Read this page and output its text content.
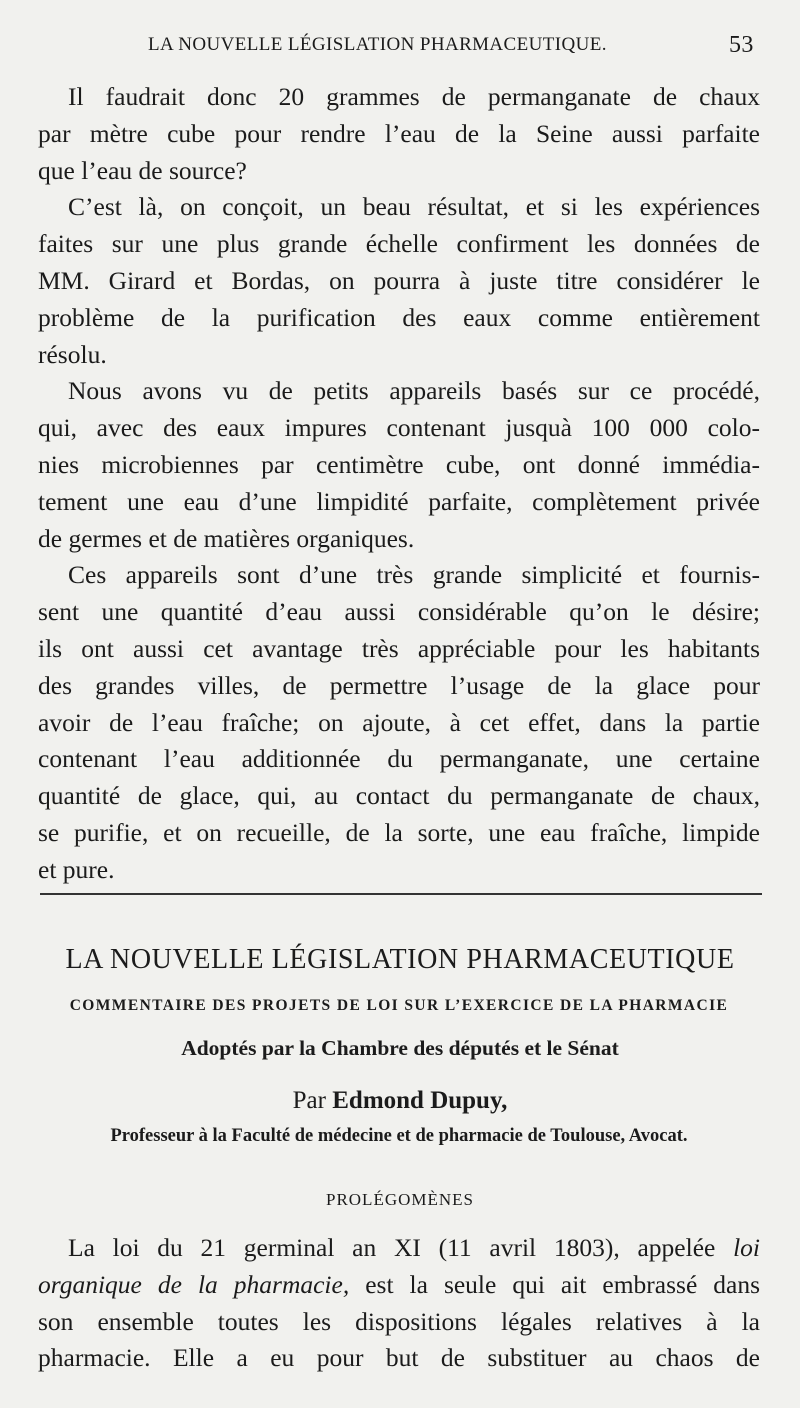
LA NOUVELLE LÉGISLATION PHARMACEUTIQUE.	53

Il faudrait donc 20 grammes de permanganate de chaux
par mètre cube pour rendre l’eau de la Seine aussi parfaite
que l’eau de source?

C’est là, on conçoit, un beau résultat, et si les expériences
faites sur une plus grande échelle confirment les données de
MM. Girard et Bordas, on pourra à juste titre considérer le
problème de la purification des eaux comme entièrement
résolu.

Nous avons vu de petits appareils basés sur ce procédé,
qui, avec des eaux impures contenant jusquà 100 000 colo-
nies microbiennes par centimètre cube, ont donné immédia-
tement une eau d’une limpidité parfaite, complètement privée
de germes et de matières organiques.

Ces appareils sont d’une très grande simplicité et fournis-
sent une quantité d’eau aussi considérable qu’on le désire;
ils ont aussi cet avantage très appréciable pour les habitants
des grandes villes, de permettre l’usage de la glace pour
avoir de l’eau fraîche; on ajoute, à cet effet, dans la partie
contenant l’eau additionnée du permanganate, une certaine
quantité de glace, qui, au contact du permanganate de chaux,
se purifie, et on recueille, de la sorte, une eau fraîche, limpide
et pure.

LA NOUVELLE LÉGISLATION PHARMACEUTIQUE
COMMENTAIRE DES PROJETS DE LOI SUR L’EXERCICE DE LA PHARMACIE
Adoptés par la Chambre des députés et le Sénat
Par Edmond Dupuy,
Professeur à la Faculté de médecine et de pharmacie de Toulouse, Avocat.
PROLÉGOMÈNES

La loi du 21 germinal an XI (11 avril 1803), appelée loi
organique de la pharmacie, est la seule qui ait embrassé dans
son ensemble toutes les dispositions légales relatives à la
pharmacie. Elle a eu pour but de substituer au chaos de
